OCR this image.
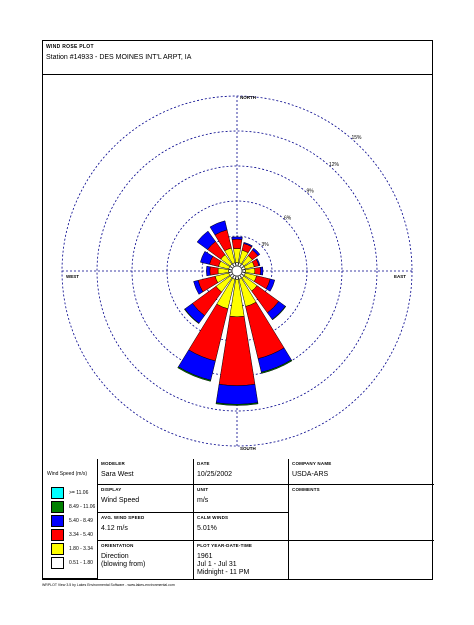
WIND ROSE PLOT
Station #14933 - DES MOINES INT'L ARPT, IA
3%
6%
9%
12%
15%
NORTH
SOUTH
WEST	EAST
Wind Speed (m/s)
>= 11.06
8.49 - 11.06
5.40 - 8.49
3.34 - 5.40
1.80 - 3.34
0.51 - 1.80
MODELER
Sara West
DATE
10/25/2002
COMPANY NAME
USDA-ARS
DISPLAY
Wind Speed
UNIT
m/s
COMMENTS
AVG. WIND SPEED
4.12 m/s
CALM WINDS
5.01%
ORIENTATION
Direction
(blowing from)
PLOT YEAR-DATE-TIME
1961
Jul 1 - Jul 31
Midnight - 11 PM
WRPLOT View 3.5 by Lakes Environmental Software - www.lakes-environmental.com
